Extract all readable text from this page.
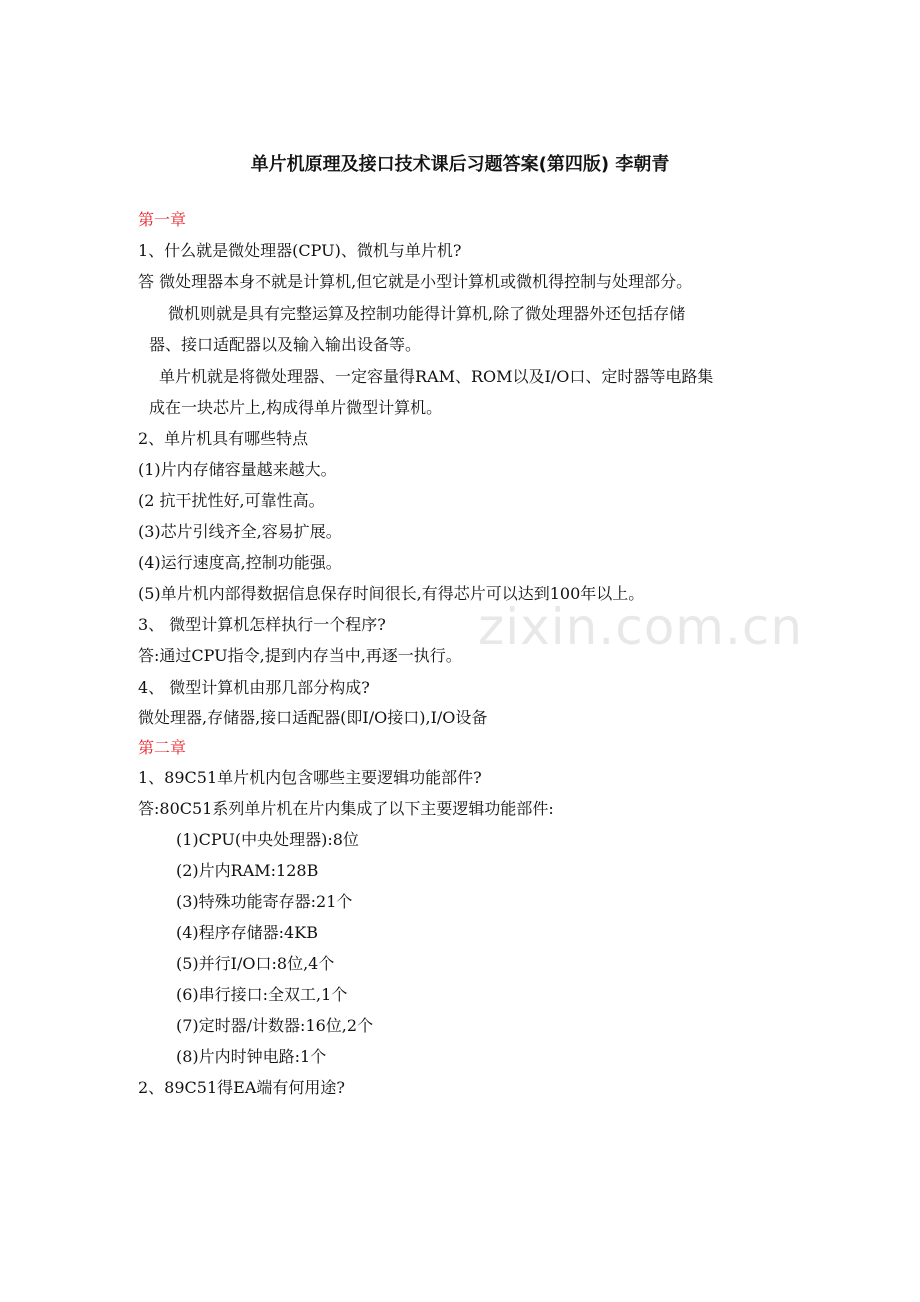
单片机原理及接口技术课后习题答案(第四版) 李朝青
第一章
1、什么就是微处理器(CPU)、微机与单片机?
答 微处理器本身不就是计算机,但它就是小型计算机或微机得控制与处理部分。
微机则就是具有完整运算及控制功能得计算机,除了微处理器外还包括存储
器、接口适配器以及输入输出设备等。
单片机就是将微处理器、一定容量得RAM、ROM以及I/O口、定时器等电路集
成在一块芯片上,构成得单片微型计算机。
2、单片机具有哪些特点
(1)片内存储容量越来越大。
(2 抗干扰性好,可靠性高。
(3)芯片引线齐全,容易扩展。
(4)运行速度高,控制功能强。
(5)单片机内部得数据信息保存时间很长,有得芯片可以达到100年以上。
3、 微型计算机怎样执行一个程序?
答:通过CPU指令,提到内存当中,再逐一执行。
4、 微型计算机由那几部分构成?
微处理器,存储器,接口适配器(即I/O接口),I/O设备
第二章
1、89C51单片机内包含哪些主要逻辑功能部件?
答:80C51系列单片机在片内集成了以下主要逻辑功能部件:
(1)CPU(中央处理器):8位
(2)片内RAM:128B
(3)特殊功能寄存器:21个
(4)程序存储器:4KB
(5)并行I/O口:8位,4个
(6)串行接口:全双工,1个
(7)定时器/计数器:16位,2个
(8)片内时钟电路:1个
2、89C51得EA端有何用途?
zixin.com.cn
